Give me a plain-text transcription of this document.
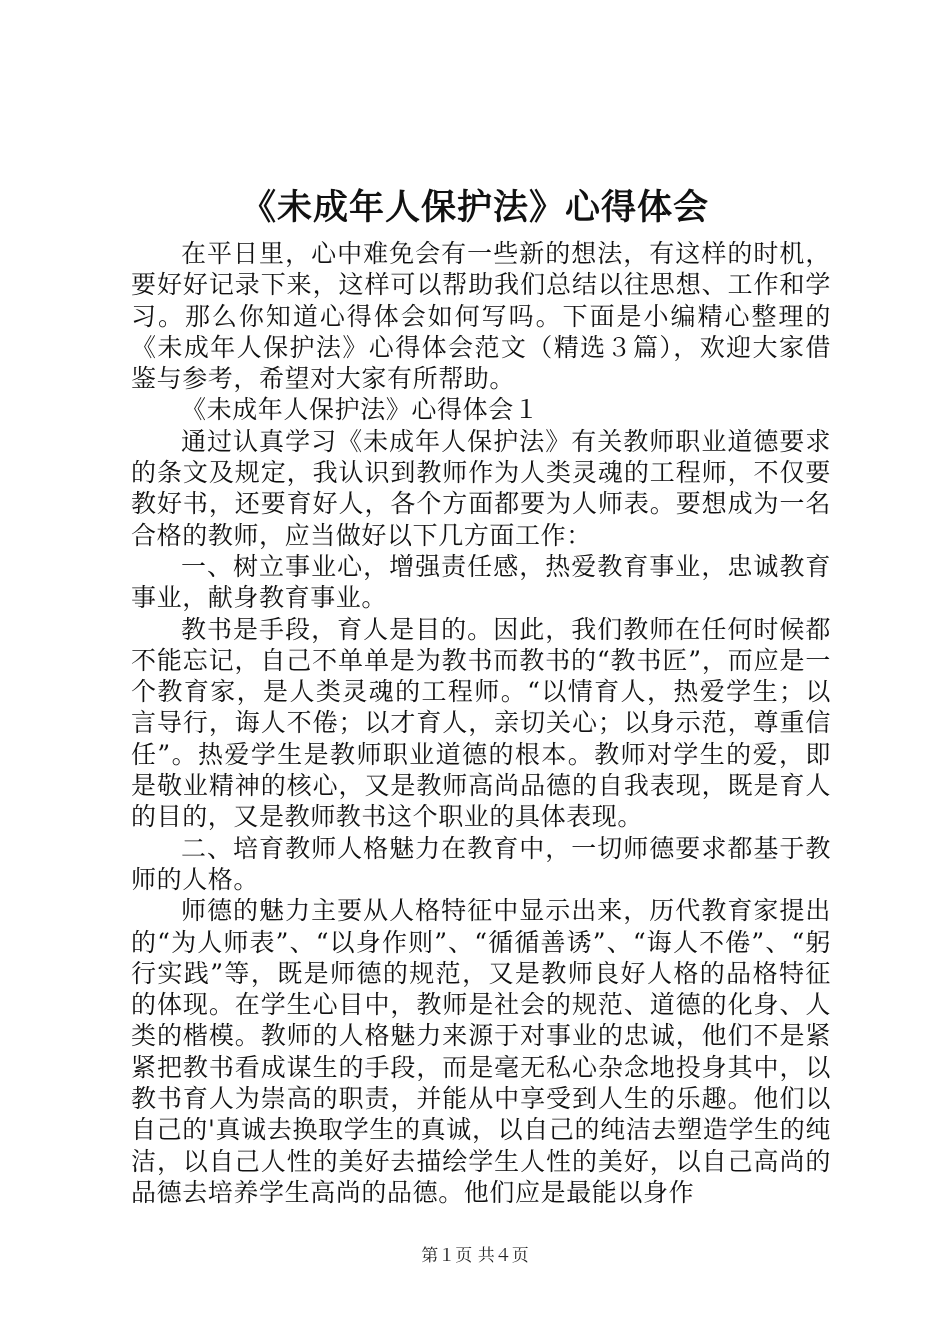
《未成年人保护法》心得体会

在平日里，心中难免会有一些新的想法，有这样的时机，要好好记录下来，这样可以帮助我们总结以往思想、工作和学习。那么你知道心得体会如何写吗。下面是小编精心整理的《未成年人保护法》心得体会范文（精选３篇），欢迎大家借鉴与参考，希望对大家有所帮助。

《未成年人保护法》心得体会１

通过认真学习《未成年人保护法》有关教师职业道德要求的条文及规定，我认识到教师作为人类灵魂的工程师，不仅要教好书，还要育好人，各个方面都要为人师表。要想成为一名合格的教师，应当做好以下几方面工作：

一、树立事业心，增强责任感，热爱教育事业，忠诚教育事业，献身教育事业。

教书是手段，育人是目的。因此，我们教师在任何时候都不能忘记，自己不单单是为教书而教书的“教书匠”，而应是一个教育家，是人类灵魂的工程师。“以情育人，热爱学生；以言导行，诲人不倦；以才育人，亲切关心；以身示范，尊重信任”。热爱学生是教师职业道德的根本。教师对学生的爱，即是敬业精神的核心，又是教师高尚品德的自我表现，既是育人的目的，又是教师教书这个职业的具体表现。

二、培育教师人格魅力在教育中，一切师德要求都基于教师的人格。

师德的魅力主要从人格特征中显示出来，历代教育家提出的“为人师表”、“以身作则”、“循循善诱”、“诲人不倦”、“躬行实践”等，既是师德的规范，又是教师良好人格的品格特征的体现。在学生心目中，教师是社会的规范、道德的化身、人类的楷模。教师的人格魅力来源于对事业的忠诚，他们不是紧紧把教书看成谋生的手段，而是毫无私心杂念地投身其中，以教书育人为崇高的职责，并能从中享受到人生的乐趣。他们以自己的'真诚去换取学生的真诚，以自己的纯洁去塑造学生的纯洁，以自己人性的美好去描绘学生人性的美好，以自己高尚的品德去培养学生高尚的品德。他们应是最能以身作

第１页 共４页
